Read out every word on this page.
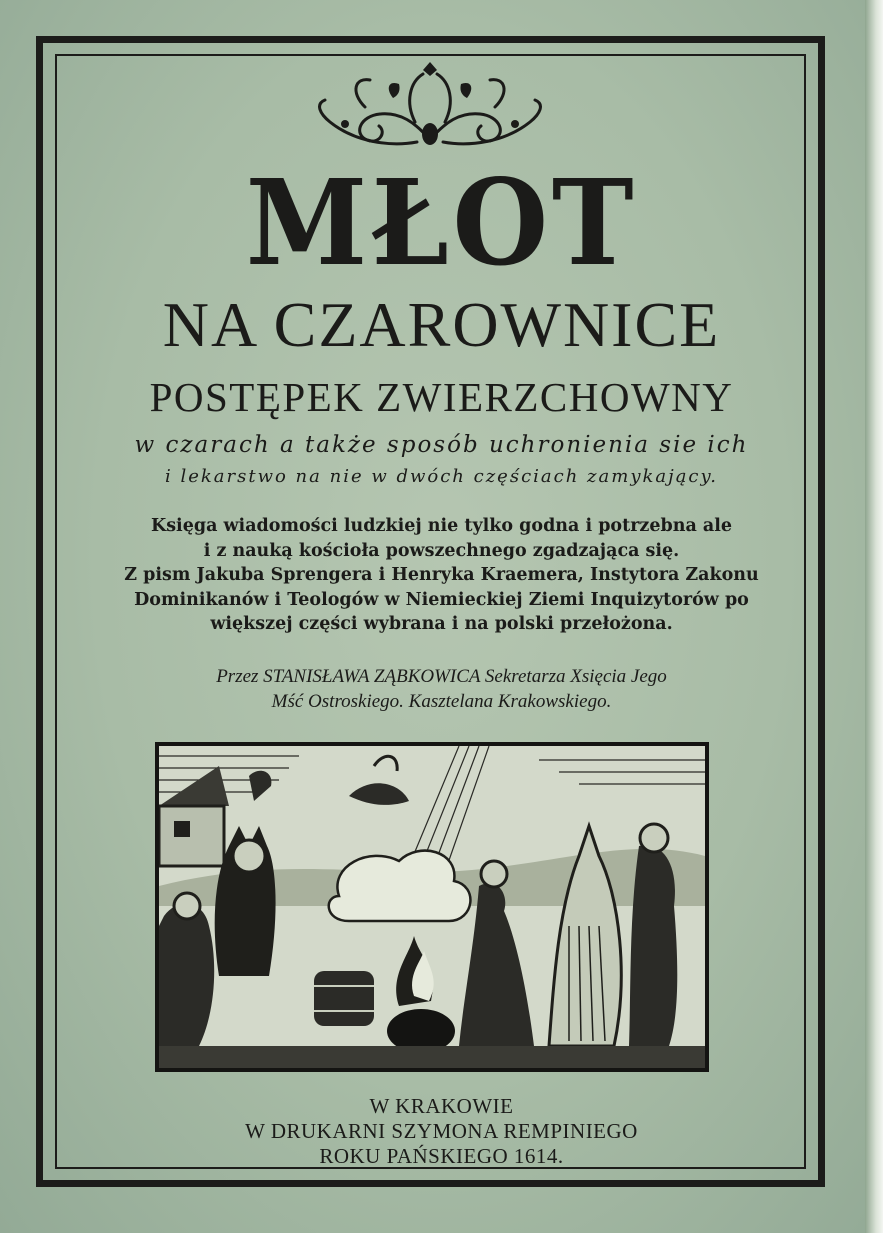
MŁOT
NA CZARO‌WNICE
POSTĘPEK ZWIERZCHOWNY
w czarach a także sposób uchronienia sie ich
i lekarstwo na nie w dwóch częściach zamykający.
Księga wiadomości ludzkiej nie tylko godna i potrzebna ale
i z nauką kościoła powszechnego zgadzająca się.
Z pism Jakuba Sprengera i Henryka Kraemera, Instytora Zakonu
Dominikanów i Teologów w Niemieckiej Ziemi Inquizytorów po
większej części wybrana i na polski przełożona.
Przez STANISŁAWA ZĄBKOWICA Sekretarza Xsięcia Jego
Mść Ostroskiego. Kasztelana Krakowskiego.
W KRAKOWIE
W DRUKARNI SZYMONA REMPINIEGO
ROKU PAŃSKIEGO 1614.
